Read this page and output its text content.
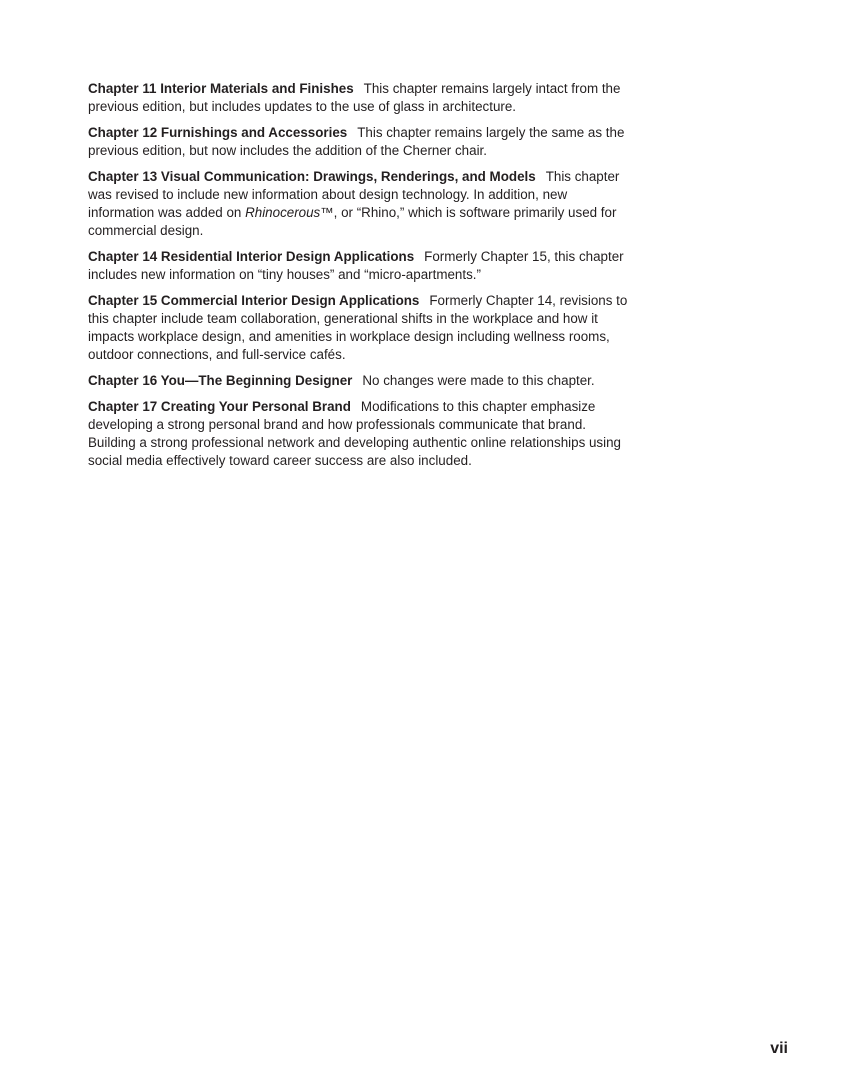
Chapter 11 Interior Materials and Finishes This chapter remains largely intact from the previous edition, but includes updates to the use of glass in architecture.

Chapter 12 Furnishings and Accessories This chapter remains largely the same as the previous edition, but now includes the addition of the Cherner chair.

Chapter 13 Visual Communication: Drawings, Renderings, and Models This chapter was revised to include new information about design technology. In addition, new information was added on Rhinocerous™, or “Rhino,” which is software primarily used for commercial design.

Chapter 14 Residential Interior Design Applications Formerly Chapter 15, this chapter includes new information on “tiny houses” and “micro-apartments.”

Chapter 15 Commercial Interior Design Applications Formerly Chapter 14, revisions to this chapter include team collaboration, generational shifts in the workplace and how it impacts workplace design, and amenities in workplace design including wellness rooms, outdoor connections, and full-service cafés.

Chapter 16 You—The Beginning Designer No changes were made to this chapter.

Chapter 17 Creating Your Personal Brand Modifications to this chapter emphasize developing a strong personal brand and how professionals communicate that brand. Building a strong professional network and developing authentic online relationships using social media effectively toward career success are also included.

vii
